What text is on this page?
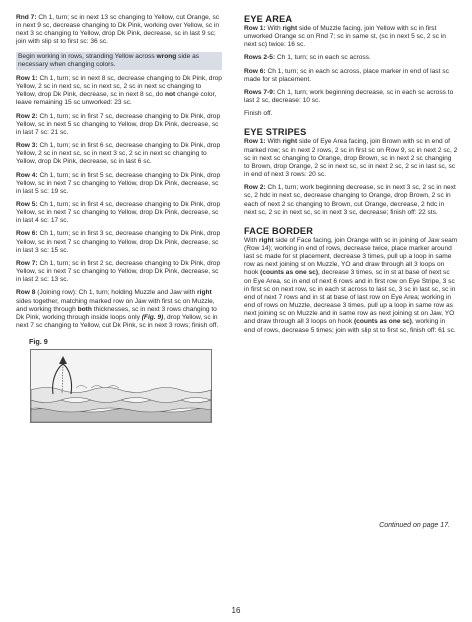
Rnd 7: Ch 1, turn; sc in next 13 sc changing to Yellow, cut Orange, sc in next 9 sc, decrease changing to Dk Pink, working over Yellow, sc in next 3 sc changing to Yellow, drop Dk Pink, decrease, sc in last 9 sc; join with slip st to first sc: 36 sc.

Begin working in rows, stranding Yellow across wrong side as necessary when changing colors.

Row 1: Ch 1, turn; sc in next 8 sc, decrease changing to Dk Pink, drop Yellow, 2 sc in next sc, sc in next sc, 2 sc in next sc changing to Yellow, drop Dk Pink, decrease, sc in next 8 sc, do not change color, leave remaining 15 sc unworked: 23 sc.

Row 2: Ch 1, turn; sc in first 7 sc, decrease changing to Dk Pink, drop Yellow, sc in next 5 sc changing to Yellow, drop Dk Pink, decrease, sc in last 7 sc: 21 sc.

Row 3: Ch 1, turn; sc in first 6 sc, decrease changing to Dk Pink, drop Yellow, 2 sc in next sc, sc in next 3 sc, 2 sc in next sc changing to Yellow, drop Dk Pink, decrease, sc in last 6 sc.

Row 4: Ch 1, turn; sc in first 5 sc, decrease changing to Dk Pink, drop Yellow, sc in next 7 sc changing to Yellow, drop Dk Pink, decrease, sc in last 5 sc: 19 sc.

Row 5: Ch 1, turn; sc in first 4 sc, decrease changing to Dk Pink, drop Yellow, sc in next 7 sc changing to Yellow, drop Dk Pink, decrease, sc in last 4 sc: 17 sc.

Row 6: Ch 1, turn; sc in first 3 sc, decrease changing to Dk Pink, drop Yellow, sc in next 7 sc changing to Yellow, drop Dk Pink, decrease, sc in last 3 sc: 15 sc.

Row 7: Ch 1, turn; sc in first 2 sc, decrease changing to Dk Pink, drop Yellow, sc in next 7 sc changing to Yellow, drop Dk Pink, decrease, sc in last 2 sc: 13 sc.

Row 8 (Joining row): Ch 1, turn; holding Muzzle and Jaw with right sides together, matching marked row on Jaw with first sc on Muzzle, and working through both thicknesses, sc in next 3 rows changing to Dk Pink, working through inside loops only (Fig. 9), drop Yellow, sc in next 7 sc changing to Yellow, cut Dk Pink, sc in next 3 rows; finish off.

Fig. 9
EYE AREA

Row 1: With right side of Muzzle facing, join Yellow with sc in first unworked Orange sc on Rnd 7; sc in same st, (sc in next 5 sc, 2 sc in next sc) twice: 16 sc.

Rows 2-5: Ch 1, turn; sc in each sc across.

Row 6: Ch 1, turn; sc in each sc across, place marker in end of last sc made for st placement.

Rows 7-9: Ch 1, turn; work beginning decrease, sc in each sc across to last 2 sc, decrease: 10 sc.

Finish off.

EYE STRIPES

Row 1: With right side of Eye Area facing, join Brown with sc in end of marked row; sc in next 2 rows, 2 sc in first sc on Row 9, sc in next 2 sc, 2 sc in next sc changing to Orange, drop Brown, sc in next 2 sc changing to Brown, drop Orange, 2 sc in next sc, sc in next 2 sc, 2 sc in last sc, sc in end of next 3 rows: 20 sc.

Row 2: Ch 1, turn; work beginning decrease, sc in next 3 sc, 2 sc in next sc, 2 hdc in next sc, decrease changing to Orange, drop Brown, 2 sc in each of next 2 sc changing to Brown, cut Orange, decrease, 2 hdc in next sc, 2 sc in next sc, sc in next 3 sc, decrease; finish off: 22 sts.

FACE BORDER

With right side of Face facing, join Orange with sc in joining of Jaw seam (Row 14); working in end of rows, decrease twice, place marker around last sc made for st placement, decrease 3 times, pull up a loop in same row as next joining st on Muzzle, YO and draw through all 3 loops on hook (counts as one sc), decrease 3 times, sc in st at base of next sc on Eye Area, sc in end of next 6 rows and in first row on Eye Stripe, 3 sc in first sc on next row, sc in each st across to last sc, 3 sc in last sc, sc in end of next 7 rows and in st at base of last row on Eye Area; working in end of rows on Muzzle, decrease 3 times, pull up a loop in same row as next joining sc on Muzzle and in same row as next joining st on Jaw, YO and draw through all 3 loops on hook (counts as one sc), working in end of rows, decrease 5 times; join with slip st to first sc, finish off: 61 sc.

Continued on page 17.
16
